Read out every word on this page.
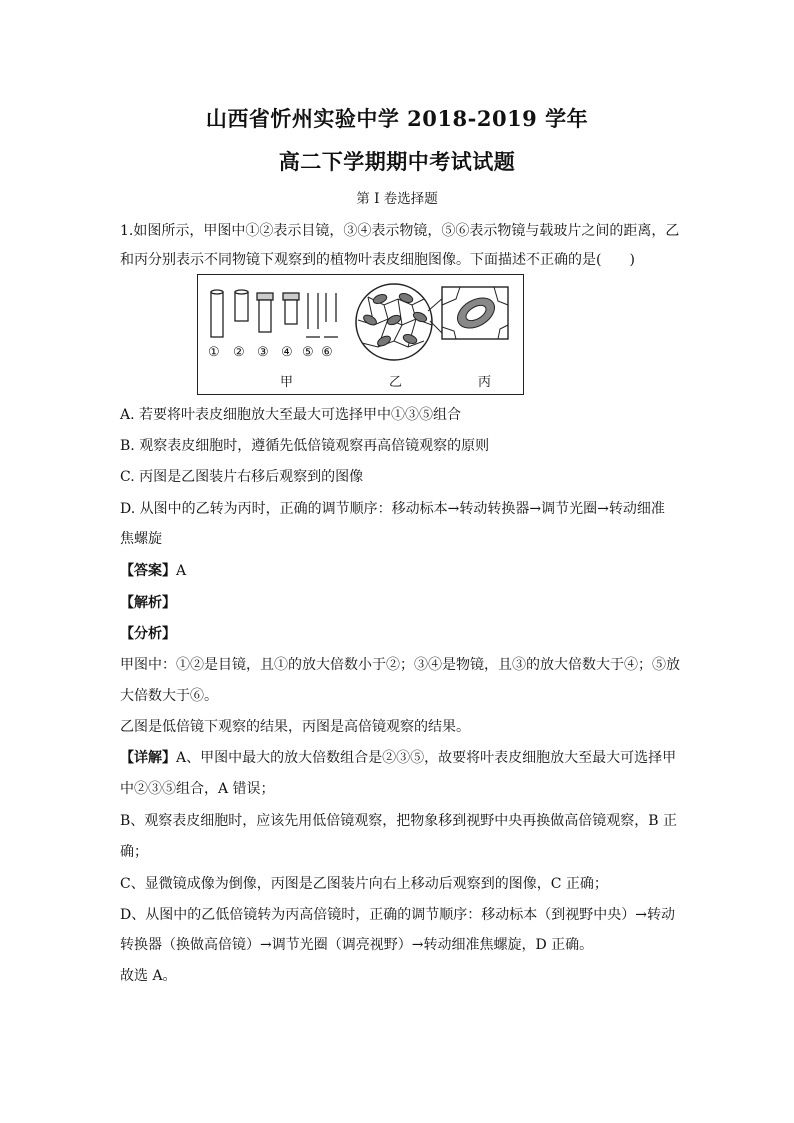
山西省忻州实验中学 2018-2019 学年
高二下学期期中考试试题
第 I 卷选择题
1.如图所示，甲图中①②表示目镜，③④表示物镜，⑤⑥表示物镜与载玻片之间的距离，乙
和丙分别表示不同物镜下观察到的植物叶表皮细胞图像。下面描述不正确的是(　　)
① ② ③ ④ ⑤ ⑥
甲	乙	丙
A. 若要将叶表皮细胞放大至最大可选择甲中①③⑤组合
B. 观察表皮细胞时，遵循先低倍镜观察再高倍镜观察的原则
C. 丙图是乙图装片右移后观察到的图像
D. 从图中的乙转为丙时，正确的调节顺序：移动标本→转动转换器→调节光圈→转动细准
焦螺旋
【答案】A
【解析】
【分析】
甲图中：①②是目镜，且①的放大倍数小于②；③④是物镜，且③的放大倍数大于④；⑤放
大倍数大于⑥。
乙图是低倍镜下观察的结果，丙图是高倍镜观察的结果。
【详解】A、甲图中最大的放大倍数组合是②③⑤，故要将叶表皮细胞放大至最大可选择甲
中②③⑤组合，A 错误；
B、观察表皮细胞时，应该先用低倍镜观察，把物象移到视野中央再换做高倍镜观察，B 正
确；
C、显微镜成像为倒像，丙图是乙图装片向右上移动后观察到的图像，C 正确；
D、从图中的乙低倍镜转为丙高倍镜时，正确的调节顺序：移动标本（到视野中央）→转动
转换器（换做高倍镜）→调节光圈（调亮视野）→转动细准焦螺旋，D 正确。
故选 A。
